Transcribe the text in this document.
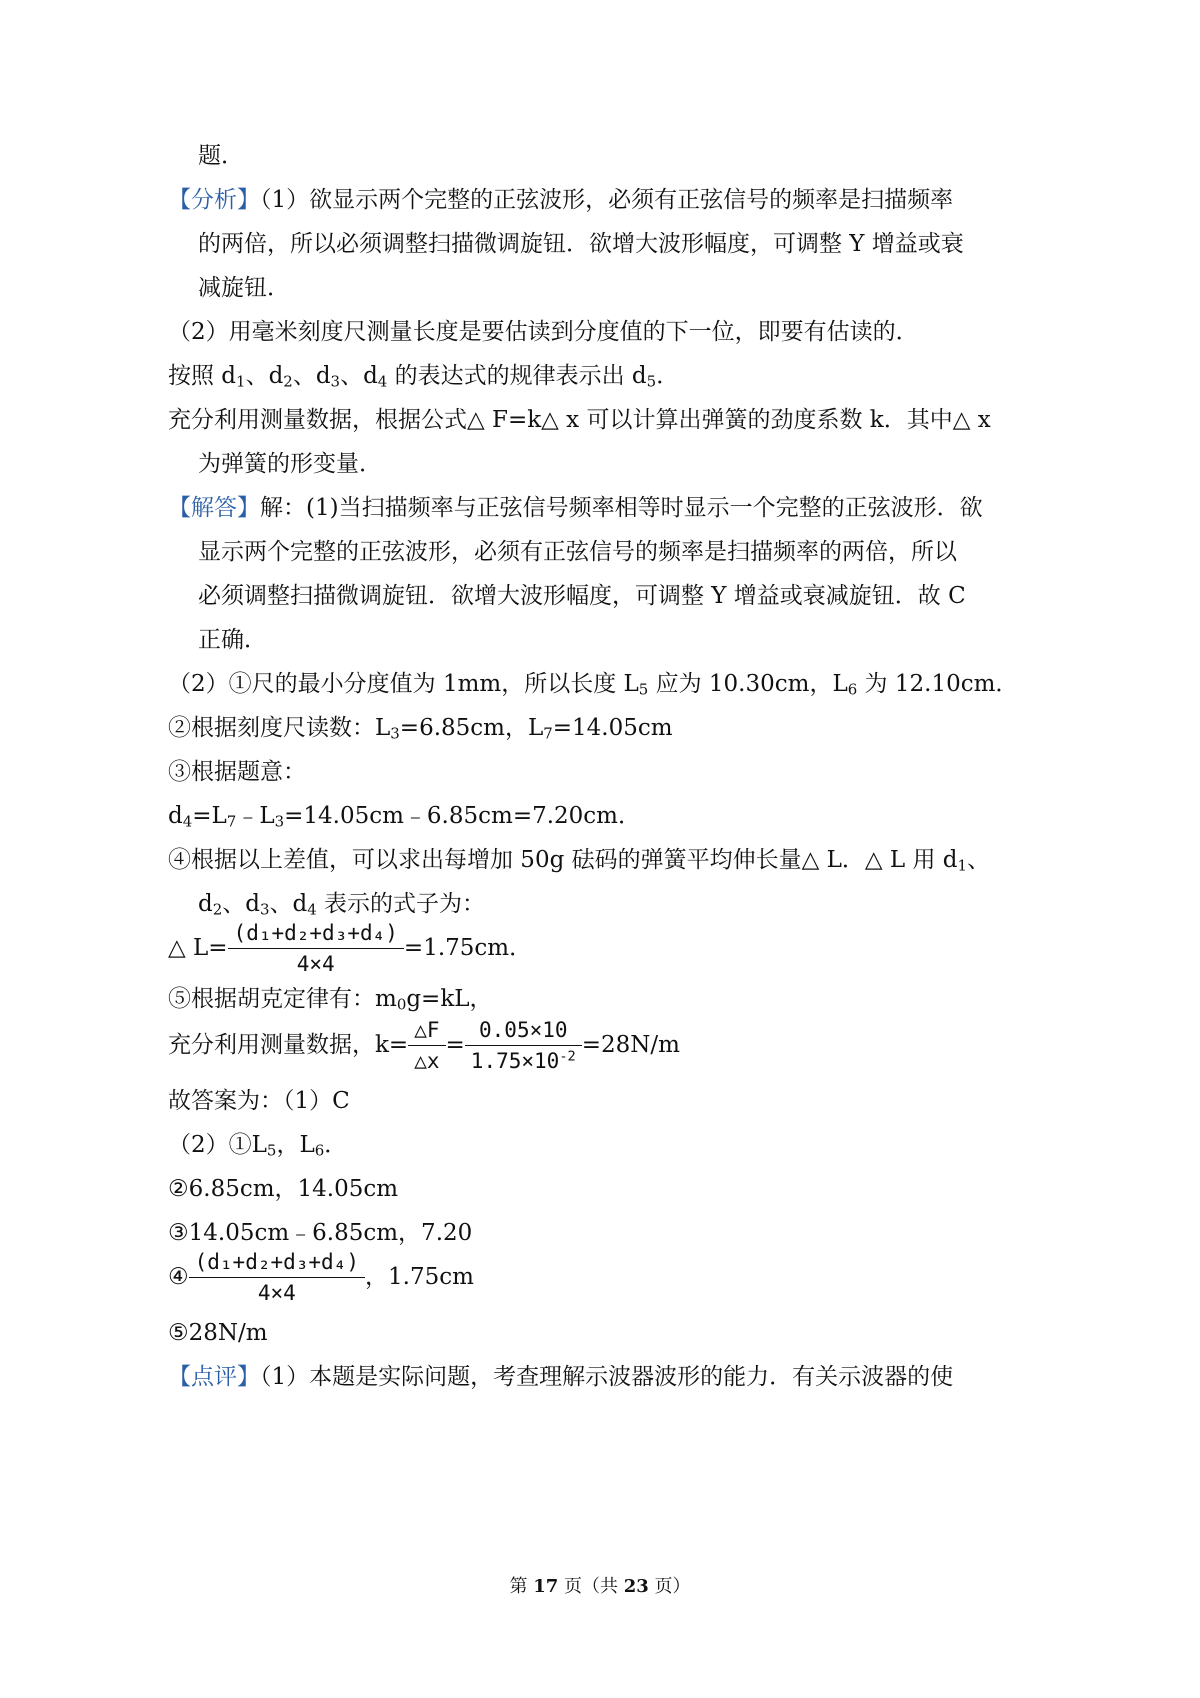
题．
【分析】（1）欲显示两个完整的正弦波形，必须有正弦信号的频率是扫描频率
的两倍，所以必须调整扫描微调旋钮．欲增大波形幅度，可调整 Y 增益或衰
减旋钮．
（2）用毫米刻度尺测量长度是要估读到分度值的下一位，即要有估读的．
按照 $d_1$、$d_2$、$d_3$、$d_4$ 的表达式的规律表示出 $d_5$．
充分利用测量数据，根据公式△ F=k△ x 可以计算出弹簧的劲度系数 k．其中△ x
为弹簧的形变量．
【解答】解：(1)当扫描频率与正弦信号频率相等时显示一个完整的正弦波形．欲
显示两个完整的正弦波形，必须有正弦信号的频率是扫描频率的两倍，所以
必须调整扫描微调旋钮．欲增大波形幅度，可调整 Y 增益或衰减旋钮．故 C
正确．
（2）①尺的最小分度值为 1mm，所以长度 $L_5$ 应为 10.30cm，$L_6$ 为 12.10cm．
②根据刻度尺读数：$L_3=6.85cm$，$L_7=14.05cm$
③根据题意：
$d_4=L_7﹣L_3=14.05cm﹣6.85cm=7.20cm$．
④根据以上差值，可以求出每增加 50g 砝码的弹簧平均伸长量△ L．△ L 用 $d_1$、
$d_2$、$d_3$、$d_4$ 表示的式子为：
△ $L= \frac{\text{(d₁+d₂+d₃+d₄)}}{4\times 4} =1.75cm$．
⑤根据胡克定律有：$m_0g=kL$，
充分利用测量数据，$k= \frac{\triangle F}{\triangle x} = \frac{0.05\times 10}{1.75\times 10^{-2}} =28N/m$
故答案为：（1）C
$(2)①L_5$，$L_6$．
②6.85cm，14.05cm
③14.05cm﹣6.85cm，7.20
④ $\frac{\text{(d₁+d₂+d₃+d₄)}}{4\times 4}$ ，1.75cm
⑤28N/m
【点评】（1）本题是实际问题，考查理解示波器波形的能力．有关示波器的使
第 17 页（共 23 页）
